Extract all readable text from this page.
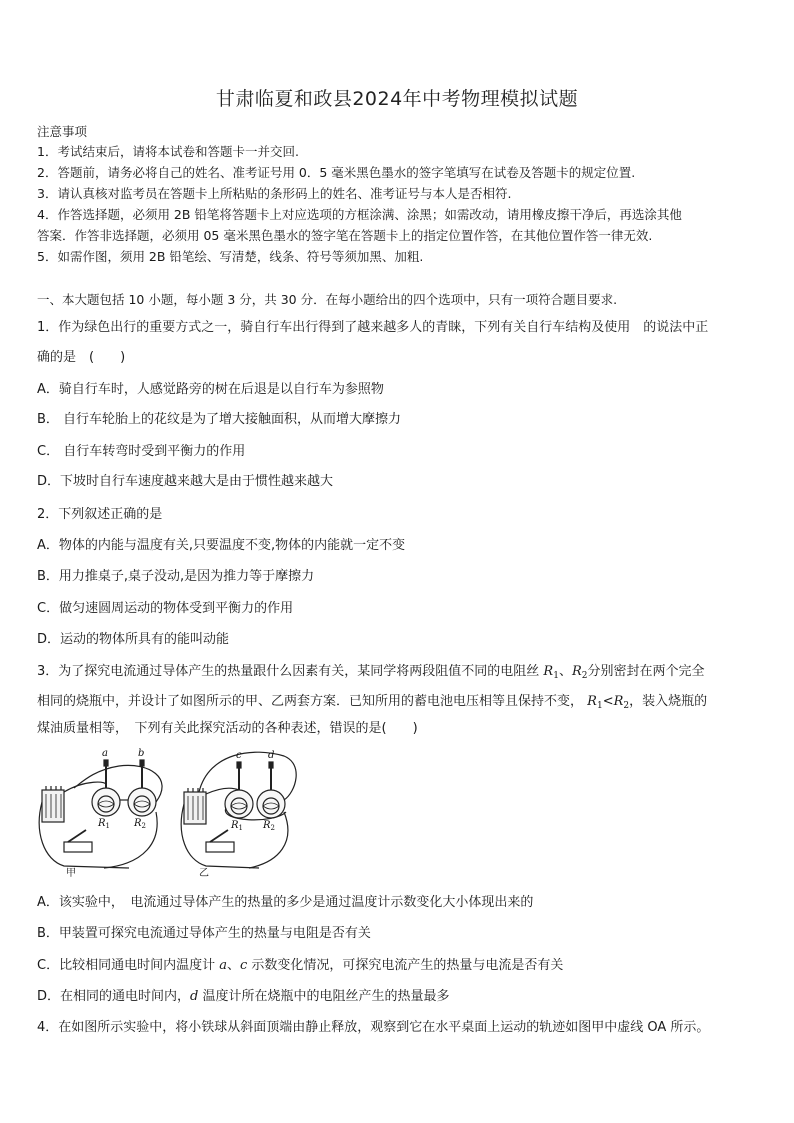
甘肃临夏和政县2024年中考物理模拟试题
注意事项
1．考试结束后，请将本试卷和答题卡一并交回.
2．答题前，请务必将自己的姓名、准考证号用 0．5 毫米黑色墨水的签字笔填写在试卷及答题卡的规定位置.
3．请认真核对监考员在答题卡上所粘贴的条形码上的姓名、准考证号与本人是否相符.
4．作答选择题，必须用 2B 铅笔将答题卡上对应选项的方框涂满、涂黑；如需改动，请用橡皮擦干净后，再选涂其他
答案．作答非选择题，必须用 05 毫米黑色墨水的签字笔在答题卡上的指定位置作答，在其他位置作答一律无效.
5．如需作图，须用 2B 铅笔绘、写清楚，线条、符号等须加黑、加粗.
一、本大题包括 10 小题，每小题 3 分，共 30 分．在每小题给出的四个选项中，只有一项符合题目要求.
1．作为绿色出行的重要方式之一，骑自行车出行得到了越来越多人的青睐，下列有关自行车结构及使用　的说法中正
确的是　(　　)
A．骑自行车时，人感觉路旁的树在后退是以自行车为参照物
B． 自行车轮胎上的花纹是为了增大接触面积，从而增大摩擦力
C． 自行车转弯时受到平衡力的作用
D．下坡时自行车速度越来越大是由于惯性越来越大
2．下列叙述正确的是
A．物体的内能与温度有关,只要温度不变,物体的内能就一定不变
B．用力推桌子,桌子没动,是因为推力等于摩擦力
C．做匀速圆周运动的物体受到平衡力的作用
D．运动的物体所具有的能叫动能
3．为了探究电流通过导体产生的热量跟什么因素有关，某同学将两段阻值不同的电阻丝 $R_1$、$R_2$分别密封在两个完全
相同的烧瓶中，并设计了如图所示的甲、乙两套方案．已知所用的蓄电池电压相等且保持不变， $R_1<R_2$，装入烧瓶的
煤油质量相等，　下列有关此探究活动的各种表述，错误的是(　　)
a	b	c	d
$R_1$ $R_2$	$R_1$ $R_2$
甲	乙
A．该实验中，　电流通过导体产生的热量的多少是通过温度计示数变化大小体现出来的
B．甲装置可探究电流通过导体产生的热量与电阻是否有关
C．比较相同通电时间内温度计 a、c 示数变化情况，可探究电流产生的热量与电流是否有关
D．在相同的通电时间内，d 温度计所在烧瓶中的电阻丝产生的热量最多
4．在如图所示实验中，将小铁球从斜面顶端由静止释放，观察到它在水平桌面上运动的轨迹如图甲中虚线 OA 所示。
